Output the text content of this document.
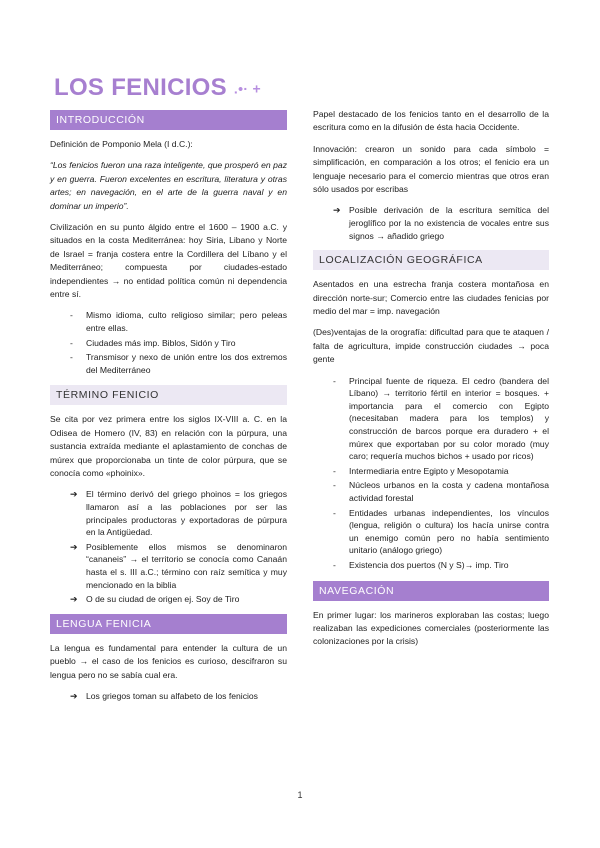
LOS FENICIOS .•· +
INTRODUCCIÓN

Definición de Pomponio Mela (I d.C.):

“Los fenicios fueron una raza inteligente, que prosperó en paz y en guerra. Fueron excelentes en escritura, literatura y otras artes; en navegación, en el arte de la guerra naval y en dominar un imperio”.

Civilización en su punto álgido entre el 1600 – 1900 a.C. y situados en la costa Mediterránea: hoy Siria, Libano y Norte de Israel = franja costera entre la Cordillera del Líbano y el Mediterráneo; compuesta por ciudades-estado independientes → no entidad política común ni dependencia entre sí.

- Mismo idioma, culto religioso similar; pero peleas entre ellas.
- Ciudades más imp. Biblos, Sidón y Tiro
- Transmisor y nexo de unión entre los dos extremos del Mediterráneo
TÉRMINO FENICIO

Se cita por vez primera entre los siglos IX-VIII a. C. en la Odisea de Homero (IV, 83) en relación con la púrpura, una sustancia extraída mediante el aplastamiento de conchas de múrex que proporcionaba un tinte de color púrpura, que se conocía como «phoinix».

➔ El término derivó del griego phoinos = los griegos llamaron así a las poblaciones por ser las principales productoras y exportadoras de púrpura en la Antigüedad.
➔ Posiblemente ellos mismos se denominaron “cananeis” → el territorio se conocía como Canaán hasta el s. III a.C.; término con raíz semítica y muy mencionado en la biblia
➔ O de su ciudad de origen ej. Soy de Tiro
LENGUA FENICIA

La lengua es fundamental para entender la cultura de un pueblo → el caso de los fenicios es curioso, descifraron su lengua pero no se sabía cual era.

➔ Los griegos toman su alfabeto de los fenicios

Papel destacado de los fenicios tanto en el desarrollo de la escritura como en la difusión de ésta hacia Occidente.

Innovación: crearon un sonido para cada símbolo = simplificación, en comparación a los otros; el fenicio era un lenguaje necesario para el comercio mientras que otros eran sólo usados por escribas

➔ Posible derivación de la escritura semítica del jeroglífico por la no existencia de vocales entre sus signos → añadido griego
LOCALIZACIÓN GEOGRÁFICA

Asentados en una estrecha franja costera montañosa en dirección norte-sur; Comercio entre las ciudades fenicias por medio del mar = imp. navegación

(Des)ventajas de la orografía: dificultad para que te ataquen / falta de agricultura, impide construcción ciudades → poca gente

- Principal fuente de riqueza. El cedro (bandera del Líbano) → territorio fértil en interior = bosques. + importancia para el comercio con Egipto (necesitaban madera para los templos) y construcción de barcos porque era duradero + el múrex que exportaban por su color morado (muy caro; requería muchos bichos + usado por ricos)
- Intermediaria entre Egipto y Mesopotamia
- Núcleos urbanos en la costa y cadena montañosa actividad forestal
- Entidades urbanas independientes, los vínculos (lengua, religión o cultura) los hacía unirse contra un enemigo común pero no había sentimiento unitario (análogo griego)
- Existencia dos puertos (N y S)→ imp. Tiro
NAVEGACIÓN

En primer lugar: los marineros exploraban las costas; luego realizaban las expediciones comerciales (posteriormente las colonizaciones por la crisis)

1
